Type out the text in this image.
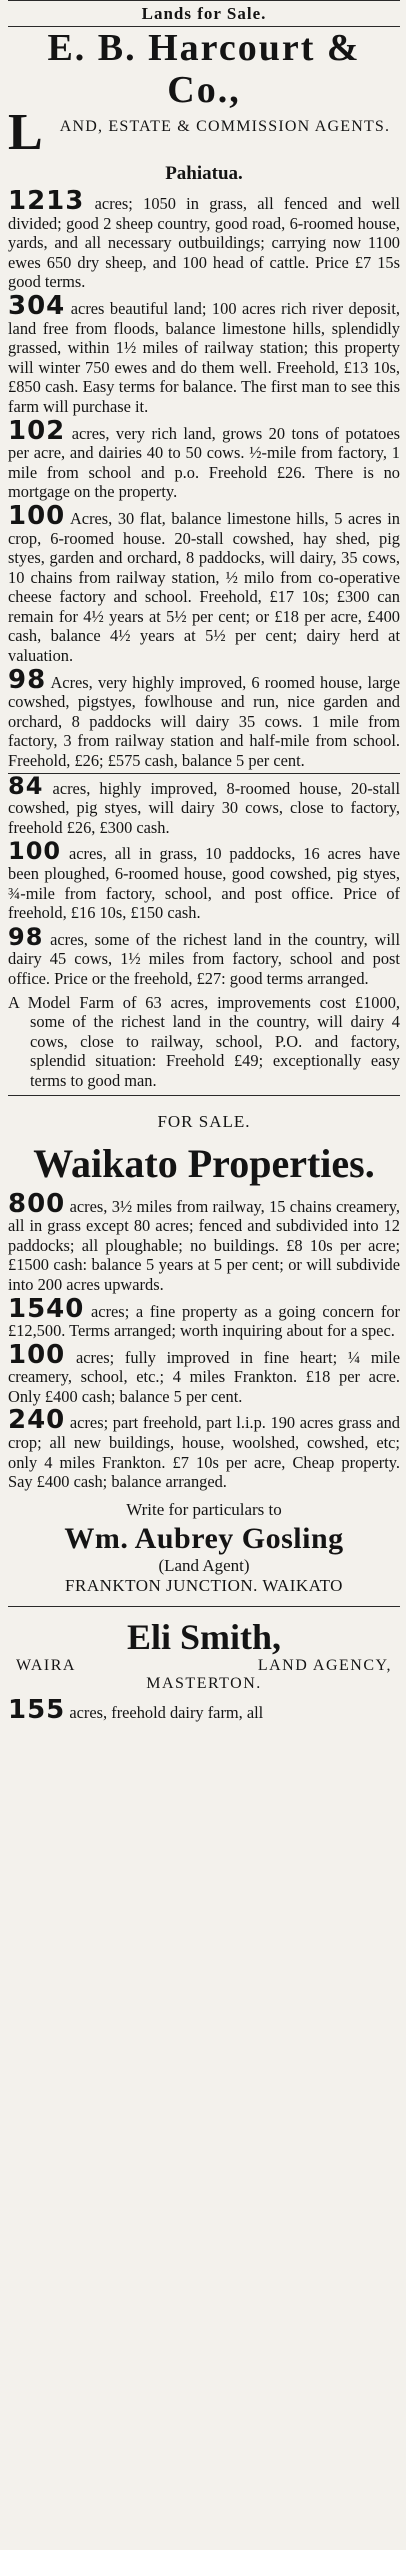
Lands for Sale.
E. B. Harcourt & Co.,
L	AND, ESTATE & COMMISSION AGENTS.
Pahiatua.
1213 acres; 1050 in grass, all fenced and well divided; good 2 sheep country, good road, 6-roomed house, yards, and all necessary outbuildings; carrying now 1100 ewes 650 dry sheep, and 100 head of cattle. Price £7 15s good terms.
304 acres beautiful land; 100 acres rich river deposit, land free from floods, balance limestone hills, splendidly grassed, within 1½ miles of railway station; this property will winter 750 ewes and do them well. Freehold, £13 10s, £850 cash. Easy terms for balance. The first man to see this farm will purchase it.
102 acres, very rich land, grows 20 tons of potatoes per acre, and dairies 40 to 50 cows. ½-mile from factory, 1 mile from school and p.o. Freehold £26. There is no mortgage on the property.
100 Acres, 30 flat, balance limestone hills, 5 acres in crop, 6-roomed house. 20-stall cowshed, hay shed, pig styes, garden and orchard, 8 paddocks, will dairy, 35 cows, 10 chains from railway station, ½ milo from co-operative cheese factory and school. Freehold, £17 10s; £300 can remain for 4½ years at 5½ per cent; or £18 per acre, £400 cash, balance 4½ years at 5½ per cent; dairy herd at valuation.
98 Acres, very highly improved, 6 roomed house, large cowshed, pigstyes, fowlhouse and run, nice garden and orchard, 8 paddocks will dairy 35 cows. 1 mile from factory, 3 from railway station and half-mile from school. Freehold, £26; £575 cash, balance 5 per cent.
84 acres, highly improved, 8-roomed house, 20-stall cowshed, pig styes, will dairy 30 cows, close to factory, freehold £26, £300 cash.
100 acres, all in grass, 10 paddocks, 16 acres have been ploughed, 6-roomed house, good cowshed, pig styes, ¾-mile from factory, school, and post office. Price of freehold, £16 10s, £150 cash.
98 acres, some of the richest land in the country, will dairy 45 cows, 1½ miles from factory, school and post office. Price or the freehold, £27: good terms arranged.
A Model Farm of 63 acres, improvements cost £1000, some of the richest land in the country, will dairy 4 cows, close to railway, school, P.O. and factory, splendid situation: Freehold £49; exceptionally easy terms to good man.
FOR SALE.
Waikato Properties.
800 acres, 3½ miles from railway, 15 chains creamery, all in grass except 80 acres; fenced and subdivided into 12 paddocks; all ploughable; no buildings. £8 10s per acre; £1500 cash: balance 5 years at 5 per cent; or will subdivide into 200 acres upwards.
1540 acres; a fine property as a going concern for £12,500. Terms arranged; worth inquiring about for a spec.
100 acres; fully improved in fine heart; ¼ mile creamery, school, etc.; 4 miles Frankton. £18 per acre. Only £400 cash; balance 5 per cent.
240 acres; part freehold, part l.i.p. 190 acres grass and crop; all new buildings, house, woolshed, cowshed, etc; only 4 miles Frankton. £7 10s per acre, Cheap property. Say £400 cash; balance arranged.
Write for particulars to
Wm. Aubrey Gosling
(Land Agent)
FRANKTON JUNCTION. WAIKATO
Eli Smith,
WAIRA	LAND AGENCY,
MASTERTON.
155 acres, freehold dairy farm, all
